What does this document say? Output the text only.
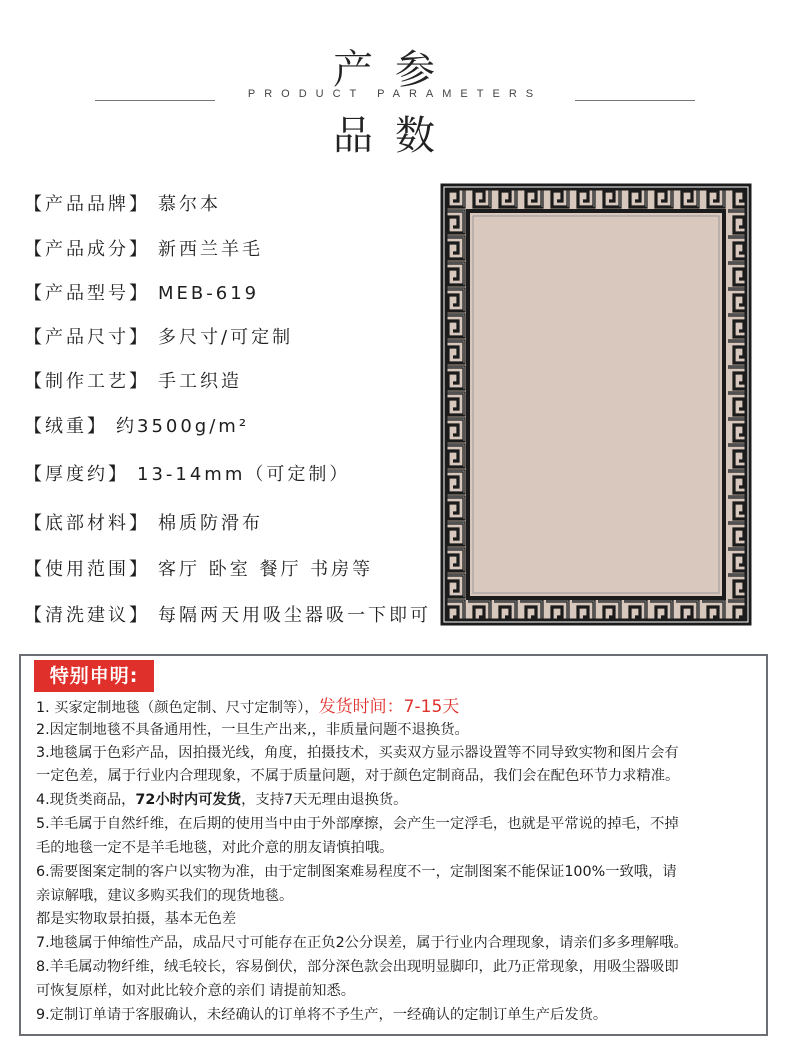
产参
PRODUCT PARAMETERS
品数
【产品品牌】 慕尔本
【产品成分】 新西兰羊毛
【产品型号】 MEB-619
【产品尺寸】 多尺寸/可定制
【制作工艺】 手工织造
【绒重】 约3500g/m²
【厚度约】 13-14mm（可定制）
【底部材料】 棉质防滑布
【使用范围】 客厅 卧室 餐厅 书房等
【清洗建议】 每隔两天用吸尘器吸一下即可
特别申明:
1. 买家定制地毯（颜色定制、尺寸定制等），发货时间：7-15天
2.因定制地毯不具备通用性，一旦生产出来,，非质量问题不退换货。
3.地毯属于色彩产品，因拍摄光线，角度，拍摄技术，买卖双方显示器设置等不同导致实物和图片会有
一定色差，属于行业内合理现象，不属于质量问题，对于颜色定制商品，我们会在配色环节力求精准。
4.现货类商品，72小时内可发货，支持7天无理由退换货。
5.羊毛属于自然纤维，在后期的使用当中由于外部摩擦，会产生一定浮毛，也就是平常说的掉毛，不掉
毛的地毯一定不是羊毛地毯，对此介意的朋友请慎拍哦。
6.需要图案定制的客户以实物为准，由于定制图案难易程度不一，定制图案不能保证100%一致哦，请
亲谅解哦，建议多购买我们的现货地毯。
都是实物取景拍摄，基本无色差
7.地毯属于伸缩性产品，成品尺寸可能存在正负2公分误差，属于行业内合理现象，请亲们多多理解哦。
8.羊毛属动物纤维，绒毛较长，容易倒伏，部分深色款会出现明显脚印，此乃正常现象，用吸尘器吸即
可恢复原样，如对此比较介意的亲们 请提前知悉。
9.定制订单请于客服确认，未经确认的订单将不予生产，一经确认的定制订单生产后发货。
